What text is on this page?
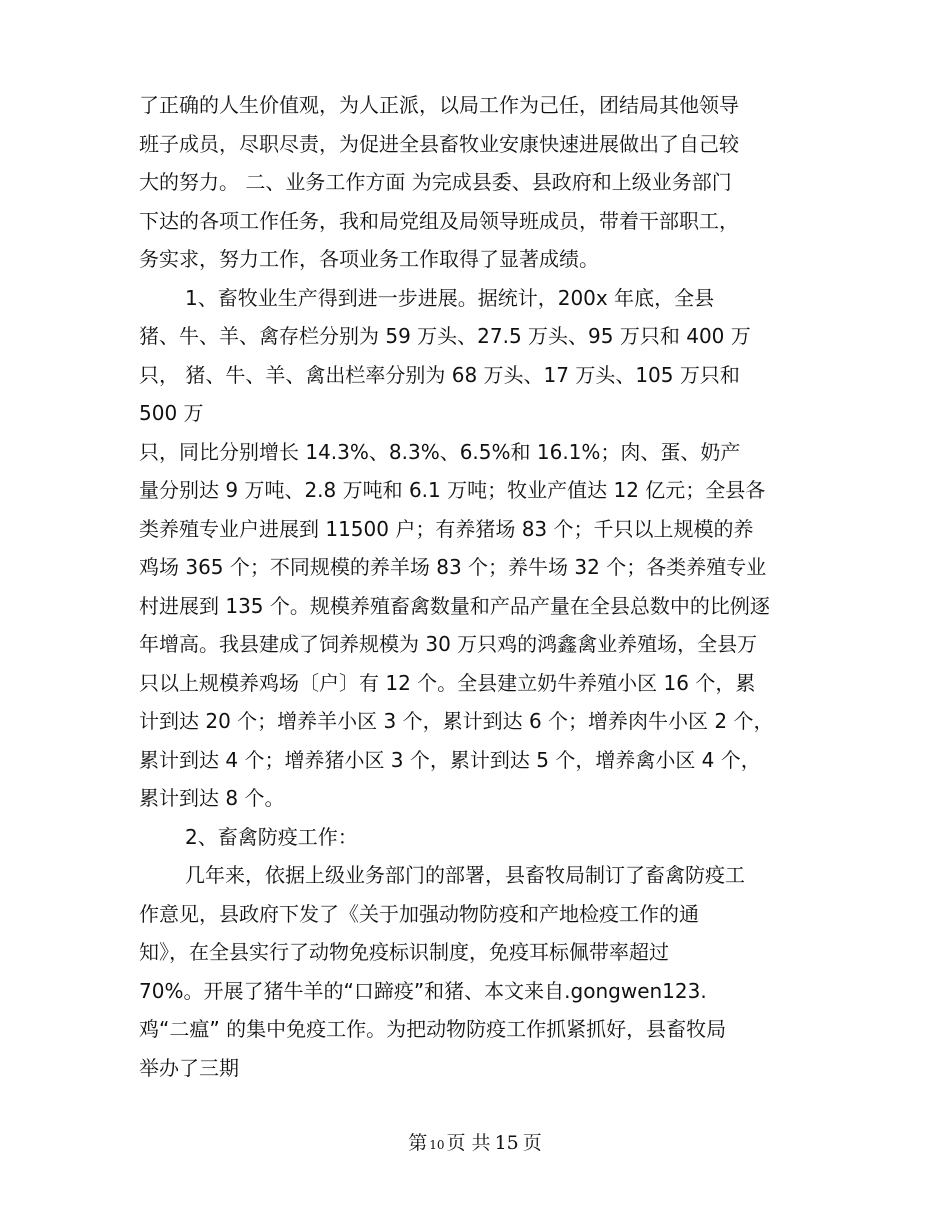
了正确的人生价值观，为人正派，以局工作为己任，团结局其他领导
班子成员，尽职尽责，为促进全县畜牧业安康快速进展做出了自己较
大的努力。 二、业务工作方面 为完成县委、县政府和上级业务部门
下达的各项工作任务，我和局党组及局领导班成员，带着干部职工，
务实求，努力工作，各项业务工作取得了显著成绩。
1、畜牧业生产得到进一步进展。据统计，200x 年底，全县
猪、牛、羊、禽存栏分别为 59 万头、27.5 万头、95 万只和 400 万
只， 猪、牛、羊、禽出栏率分别为 68 万头、17 万头、105 万只和
500 万
只，同比分别增长 14.3%、8.3%、6.5%和 16.1%；肉、蛋、奶产
量分别达 9 万吨、2.8 万吨和 6.1 万吨；牧业产值达 12 亿元；全县各
类养殖专业户进展到 11500 户；有养猪场 83 个；千只以上规模的养
鸡场 365 个；不同规模的养羊场 83 个；养牛场 32 个；各类养殖专业
村进展到 135 个。规模养殖畜禽数量和产品产量在全县总数中的比例逐
年增高。我县建成了饲养规模为 30 万只鸡的鸿鑫禽业养殖场，全县万
只以上规模养鸡场〔户〕有 12 个。全县建立奶牛养殖小区 16 个，累
计到达 20 个；增养羊小区 3 个，累计到达 6 个；增养肉牛小区 2 个，
累计到达 4 个；增养猪小区 3 个，累计到达 5 个，增养禽小区 4 个，
累计到达 8 个。
2、畜禽防疫工作：
几年来，依据上级业务部门的部署，县畜牧局制订了畜禽防疫工
作意见，县政府下发了《关于加强动物防疫和产地检疫工作的通
知》，在全县实行了动物免疫标识制度，免疫耳标佩带率超过
70%。开展了猪牛羊的“口蹄疫”和猪、本文来自.gongwen123.
鸡“二瘟” 的集中免疫工作。为把动物防疫工作抓紧抓好，县畜牧局
举办了三期
第 10 页 共 15 页
